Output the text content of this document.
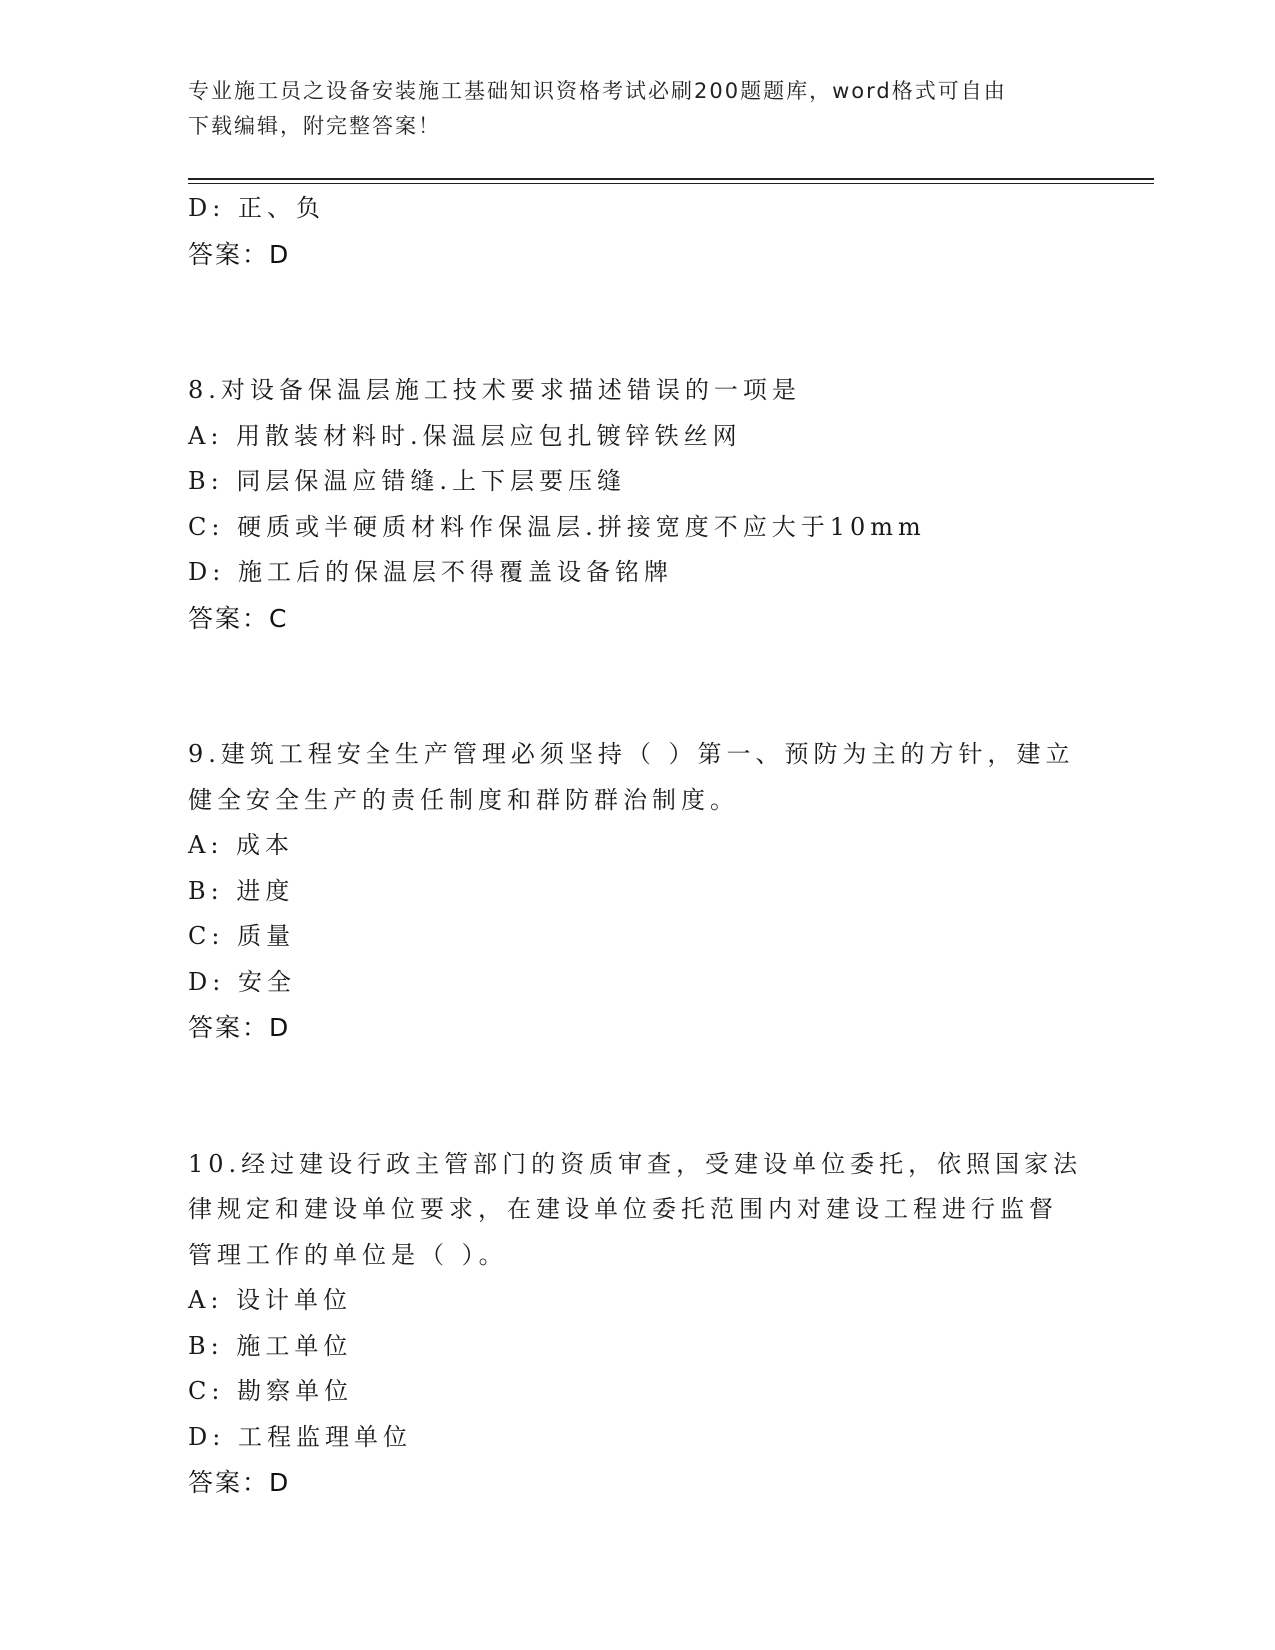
专业施工员之设备安装施工基础知识资格考试必刷200题题库，word格式可自由
下载编辑，附完整答案！
D: 正、负
答案：D
8.对设备保温层施工技术要求描述错误的一项是
A: 用散装材料时.保温层应包扎镀锌铁丝网
B: 同层保温应错缝.上下层要压缝
C: 硬质或半硬质材料作保温层.拼接宽度不应大于10mm
D: 施工后的保温层不得覆盖设备铭牌
答案：C
9.建筑工程安全生产管理必须坚持（ ）第一、预防为主的方针，建立
健全安全生产的责任制度和群防群治制度。
A: 成本
B: 进度
C: 质量
D: 安全
答案：D
10.经过建设行政主管部门的资质审查，受建设单位委托，依照国家法
律规定和建设单位要求，在建设单位委托范围内对建设工程进行监督
管理工作的单位是（ ）。
A: 设计单位
B: 施工单位
C: 勘察单位
D: 工程监理单位
答案：D
